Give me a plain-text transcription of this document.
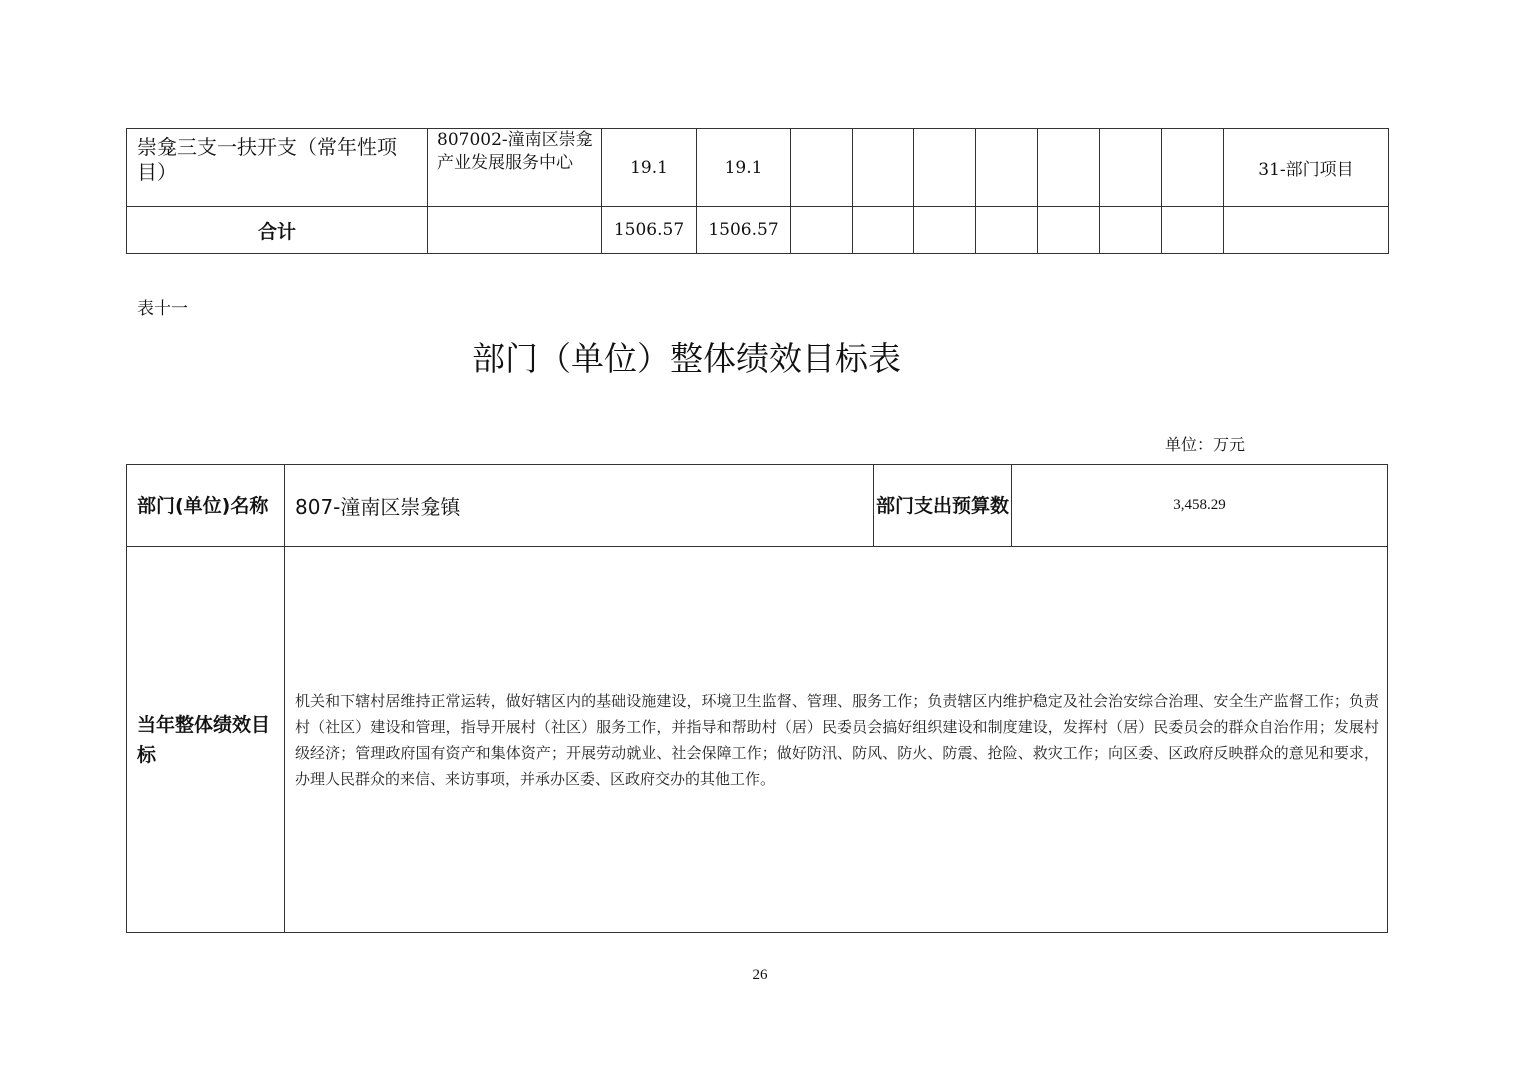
崇龛三支一扶开支（常年性项目）	807002-潼南区崇龛产业发展服务中心	19.1	19.1								31-部门项目
合计		1506.57	1506.57								
表十一
部门（单位）整体绩效目标表
单位：万元
部门(单位)名称	807-潼南区崇龛镇	部门支出预算数	3,458.29
当年整体绩效目标	机关和下辖村居维持正常运转，做好辖区内的基础设施建设，环境卫生监督、管理、服务工作；负责辖区内维护稳定及社会治安综合治理、安全生产监督工作；负责村（社区）建设和管理，指导开展村（社区）服务工作，并指导和帮助村（居）民委员会搞好组织建设和制度建设，发挥村（居）民委员会的群众自治作用；发展村级经济；管理政府国有资产和集体资产；开展劳动就业、社会保障工作；做好防汛、防风、防火、防震、抢险、救灾工作；向区委、区政府反映群众的意见和要求，办理人民群众的来信、来访事项，并承办区委、区政府交办的其他工作。		
26
